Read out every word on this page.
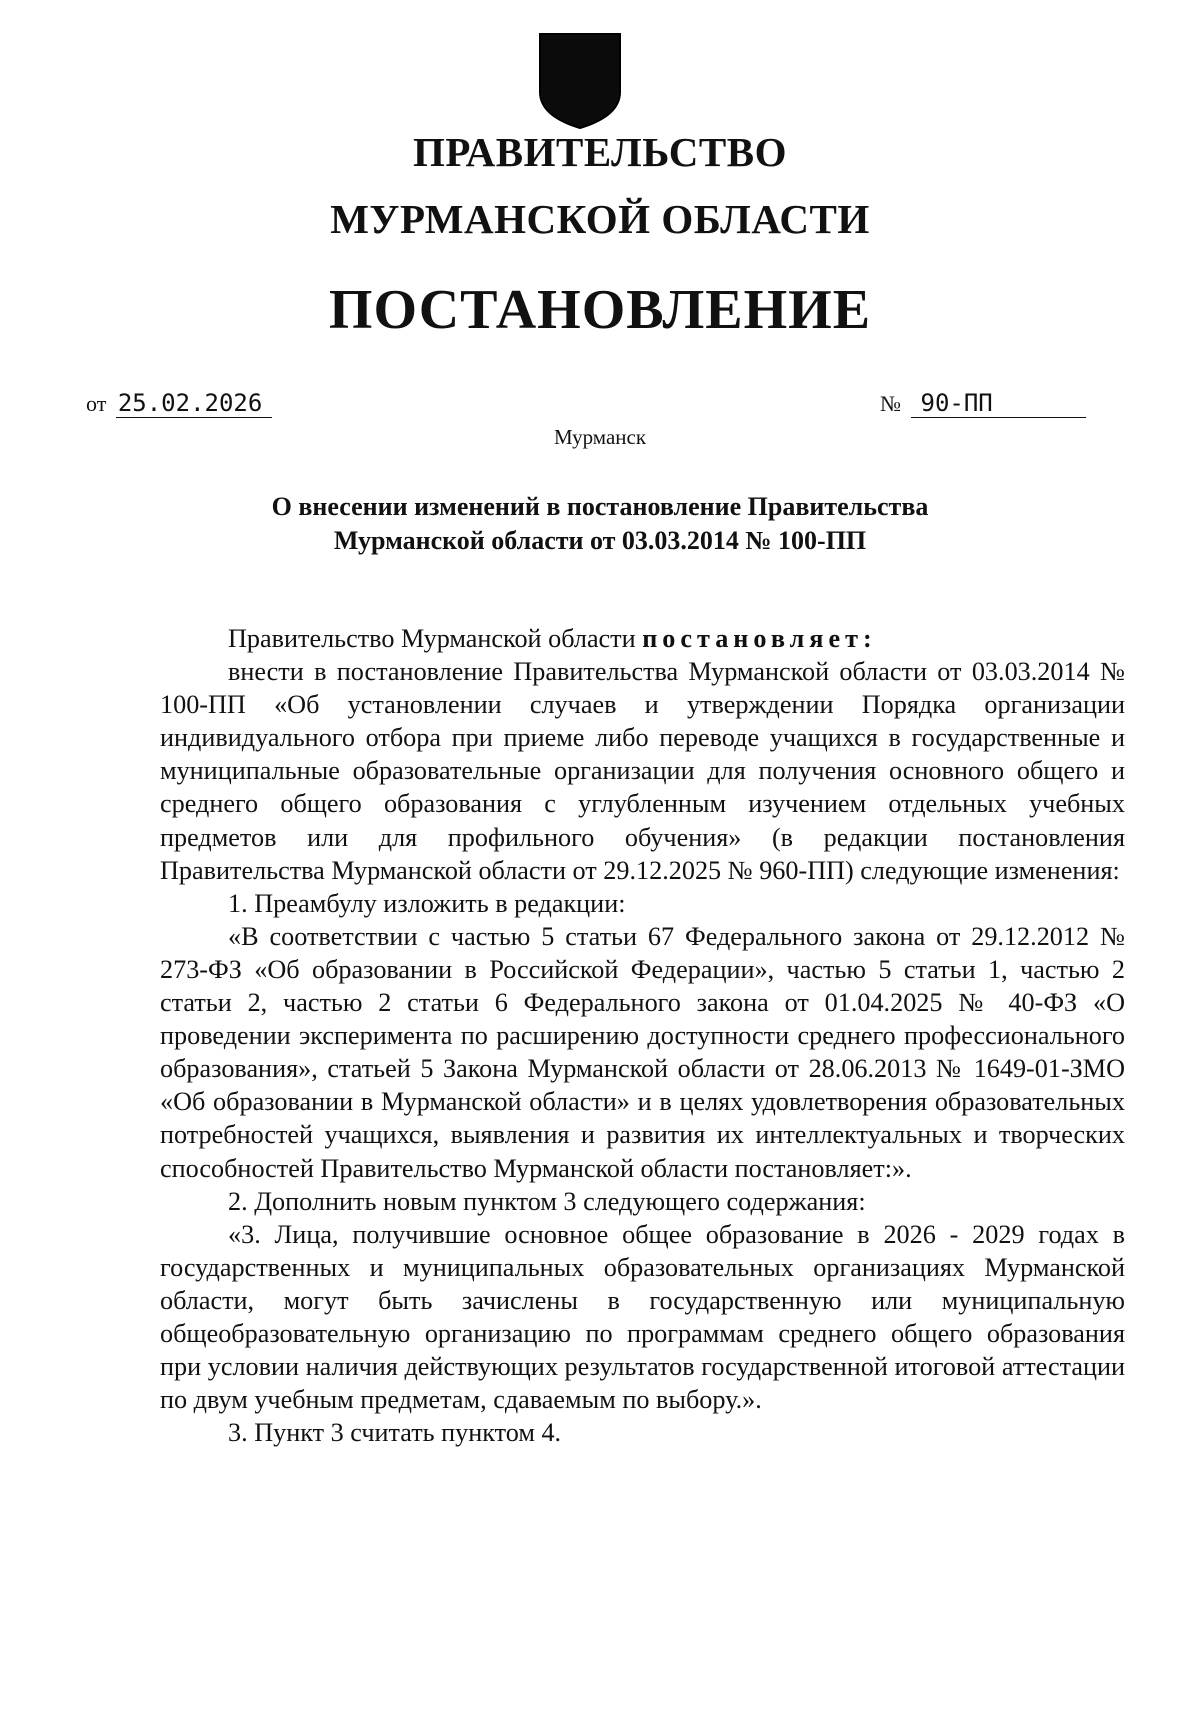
ПРАВИТЕЛЬСТВО
МУРМАНСКОЙ ОБЛАСТИ
ПОСТАНОВЛЕНИЕ
от 25.02.2026	№ 90-ПП
Мурманск
О внесении изменений в постановление Правительства
Мурманской области от 03.03.2014 № 100-ПП

Правительство Мурманской области постановляет:

внести в постановление Правительства Мурманской области от 03.03.2014 № 100-ПП «Об установлении случаев и утверждении Порядка организации индивидуального отбора при приеме либо переводе учащихся в государственные и муниципальные образовательные организации для получения основного общего и среднего общего образования с углубленным изучением отдельных учебных предметов или для профильного обучения» (в редакции постановления Правительства Мурманской области от 29.12.2025 № 960-ПП) следующие изменения:

1. Преамбулу изложить в редакции:

«В соответствии с частью 5 статьи 67 Федерального закона от 29.12.2012 № 273-ФЗ «Об образовании в Российской Федерации», частью 5 статьи 1, частью 2 статьи 2, частью 2 статьи 6 Федерального закона от 01.04.2025 № 40-ФЗ «О проведении эксперимента по расширению доступности среднего профессионального образования», статьей 5 Закона Мурманской области от 28.06.2013 № 1649-01-ЗМО «Об образовании в Мурманской области» и в целях удовлетворения образовательных потребностей учащихся, выявления и развития их интеллектуальных и творческих способностей Правительство Мурманской области постановляет:».

2. Дополнить новым пунктом 3 следующего содержания:

«3. Лица, получившие основное общее образование в 2026 - 2029 годах в государственных и муниципальных образовательных организациях Мурманской области, могут быть зачислены в государственную или муниципальную общеобразовательную организацию по программам среднего общего образования при условии наличия действующих результатов государственной итоговой аттестации по двум учебным предметам, сдаваемым по выбору.».

3. Пункт 3 считать пунктом 4.
